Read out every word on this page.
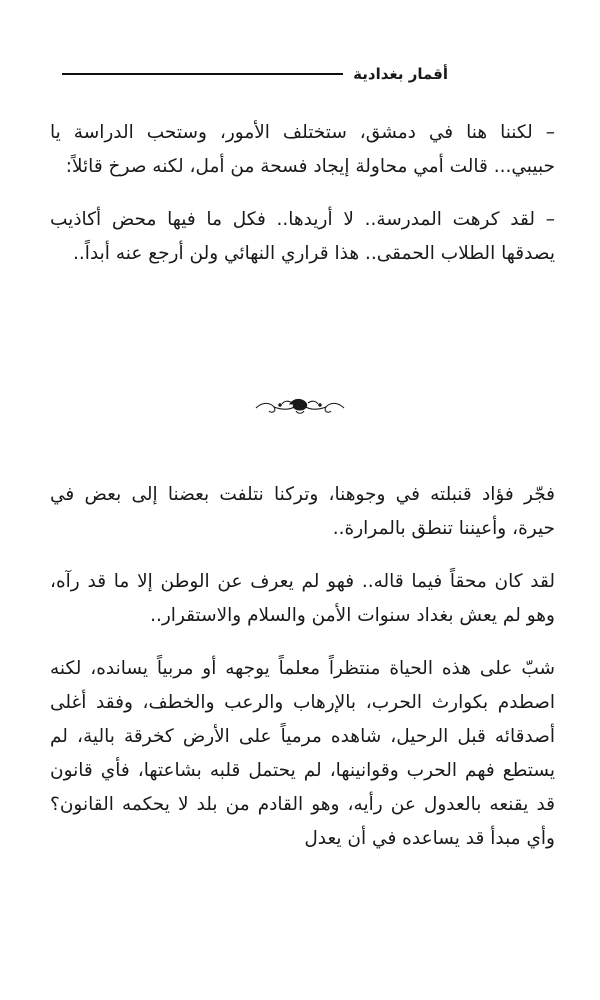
أقمار بغدادية

– لكننا هنا في دمشق، ستختلف الأمور، وستحب الدراسة يا حبيبي... قالت أمي محاولة إيجاد فسحة من أمل، لكنه صرخ قائلاً:

– لقد كرهت المدرسة.. لا أريدها.. فكل ما فيها محض أكاذيب يصدقها الطلاب الحمقى.. هذا قراري النهائي ولن أرجع عنه أبداً..

فجّر فؤاد قنبلته في وجوهنا، وتركنا نتلفت بعضنا إلى بعض في حيرة، وأعيننا تنطق بالمرارة..

لقد كان محقاً فيما قاله.. فهو لم يعرف عن الوطن إلا ما قد رآه، وهو لم يعش بغداد سنوات الأمن والسلام والاستقرار..

شبّ على هذه الحياة منتظراً معلماً يوجهه أو مربياً يسانده، لكنه اصطدم بكوارث الحرب، بالإرهاب والرعب والخطف، وفقد أغلى أصدقائه قبل الرحيل، شاهده مرمياً على الأرض كخرقة بالية، لم يستطع فهم الحرب وقوانينها، لم يحتمل قلبه بشاعتها، فأي قانون قد يقنعه بالعدول عن رأيه، وهو القادم من بلد لا يحكمه القانون؟ وأي مبدأ قد يساعده في أن يعدل
